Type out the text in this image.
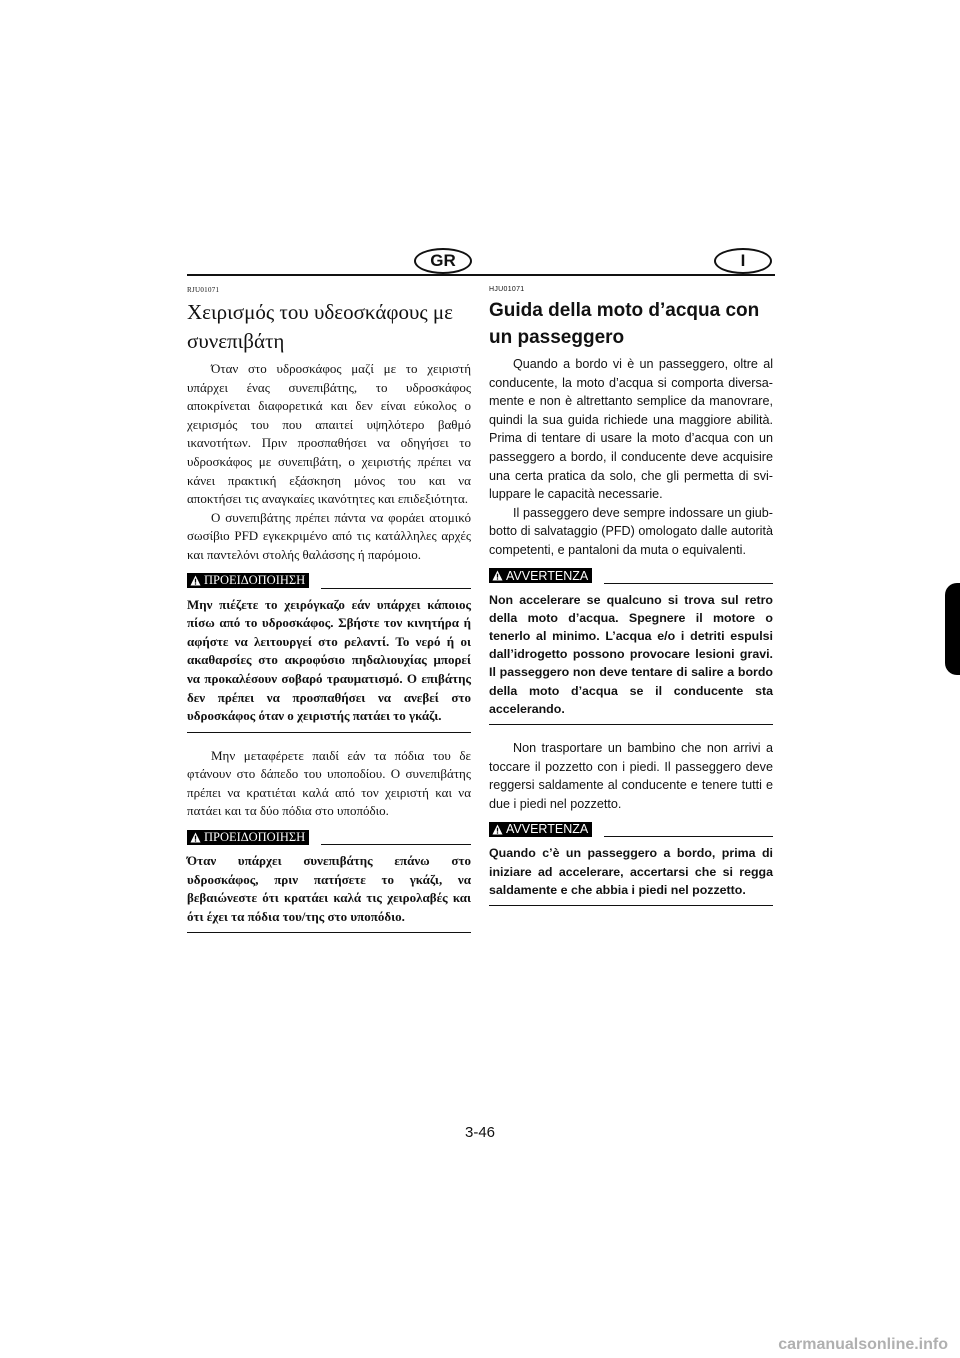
GR	I
RJU01071
Χειρισμός του υδεοσκάφους με συνεπιβάτη

Όταν στο υδροσκάφος μαζί με το χειριστή υπάρχει ένας συνεπιβάτης, το υδροσκάφος αποκρίνεται διαφορετικά και δεν είναι εύκολος ο χειρισμός του που απαιτεί υψηλότερο βαθμό ικανοτήτων. Πριν προσπαθήσει να οδηγήσει το υδροσκάφος με συνεπιβάτη, ο χειριστής πρέπει να κάνει πρακτική εξάσκηση μόνος του και να αποκτήσει τις αναγκαίες ικανότητες και επιδεξιότητα.

Ο συνεπιβάτης πρέπει πάντα να φοράει ατομικό σωσίβιο PFD εγκεκριμένο από τις κατάλληλες αρχές και παντελόνι στολής θαλάσσης ή παρόμοιο.

ΠΡΟΕΙΔΟΠΟΙΗΣΗ

Μην πιέζετε το χειρόγκαζο εάν υπάρχει κάποιος πίσω από το υδροσκάφος. Σβήστε τον κινητήρα ή αφήστε να λειτουργεί στο ρελαντί. Το νερό ή οι ακαθαρσίες στο ακροφύσιο πηδαλιουχίας μπορεί να προκαλέσουν σοβαρό τραυματισμό. Ο επιβάτης δεν πρέπει να προσπαθήσει να ανεβεί στο υδροσκάφος όταν ο χειριστής πατάει το γκάζι.

Μην μεταφέρετε παιδί εάν τα πόδια του δε φτάνουν στο δάπεδο του υποποδίου. Ο συνεπιβάτης πρέπει να κρατιέται καλά από τον χειριστή και να πατάει και τα δύο πόδια στο υποπόδιο.

ΠΡΟΕΙΔΟΠΟΙΗΣΗ

Όταν υπάρχει συνεπιβάτης επάνω στο υδροσκάφος, πριν πατήσετε το γκάζι, να βεβαιώνεστε ότι κρατάει καλά τις χειρολαβές και ότι έχει τα πόδια του/της στο υποπόδιο.

HJU01071
Guida della moto d’acqua con un passeggero

Quando a bordo vi è un passeggero, oltre al conducente, la moto d’acqua si comporta diversamente e non è altrettanto semplice da manovrare, quindi la sua guida richiede una maggiore abilità. Prima di tentare di usare la moto d’acqua con un passeggero a bordo, il conducente deve acquisire una certa pratica da solo, che gli permetta di sviluppare le capacità necessarie.

Il passeggero deve sempre indossare un giubbotto di salvataggio (PFD) omologato dalle autorità competenti, e pantaloni da muta o equivalenti.

AVVERTENZA

Non accelerare se qualcuno si trova sul retro della moto d’acqua. Spegnere il motore o tenerlo al minimo. L’acqua e/o i detriti espulsi dall’idrogetto possono provocare lesioni gravi. Il passeggero non deve tentare di salire a bordo della moto d’acqua se il conducente sta accelerando.

Non trasportare un bambino che non arrivi a toccare il pozzetto con i piedi. Il passeggero deve reggersi saldamente al conducente e tenere tutti e due i piedi nel pozzetto.

AVVERTENZA

Quando c’è un passeggero a bordo, prima di iniziare ad accelerare, accertarsi che si regga saldamente e che abbia i piedi nel pozzetto.

3-46
carmanualsonline.info
